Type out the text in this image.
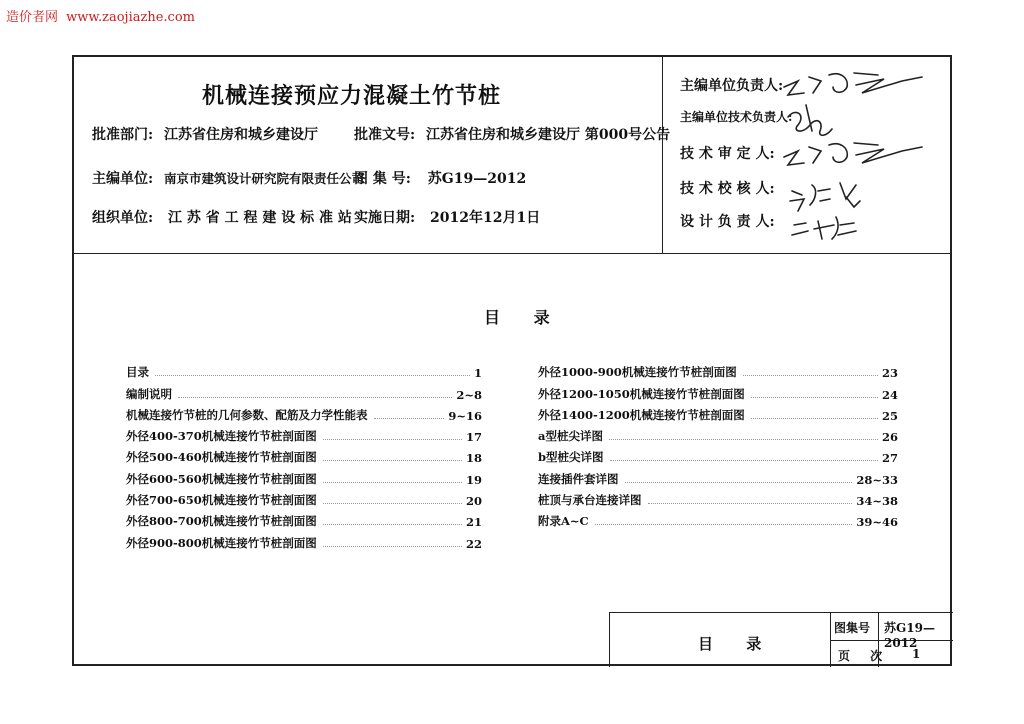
造价者网 www.zaojiazhe.com
机械连接预应力混凝土竹节桩
批准部门: 江苏省住房和城乡建设厅	批准文号: 江苏省住房和城乡建设厅 第000号公告
主编单位: 南京市建筑设计研究院有限责任公司
图 集 号: 苏G19—2012
组织单位: 江 苏 省 工 程 建 设 标 准 站 实施日期: 2012年12月1日
主编单位负责人:
主编单位技术负责人:
技 术 审 定 人:
技 术 校 核 人:
设 计 负 责 人:
目 录
目录	1
编制说明	2~8
机械连接竹节桩的几何参数、配筋及力学性能表	9~16
外径400-370机械连接竹节桩剖面图	17
外径500-460机械连接竹节桩剖面图	18
外径600-560机械连接竹节桩剖面图	19
外径700-650机械连接竹节桩剖面图	20
外径800-700机械连接竹节桩剖面图	21
外径900-800机械连接竹节桩剖面图	22
外径1000-900机械连接竹节桩剖面图	23
外径1200-1050机械连接竹节桩剖面图	24
外径1400-1200机械连接竹节桩剖面图	25
a型桩尖详图	26
b型桩尖详图	27
连接插件套详图	28~33
桩顶与承台连接详图	34~38
附录A~C	39~46
目 录
图集号 苏G19—2012
页 次 1
